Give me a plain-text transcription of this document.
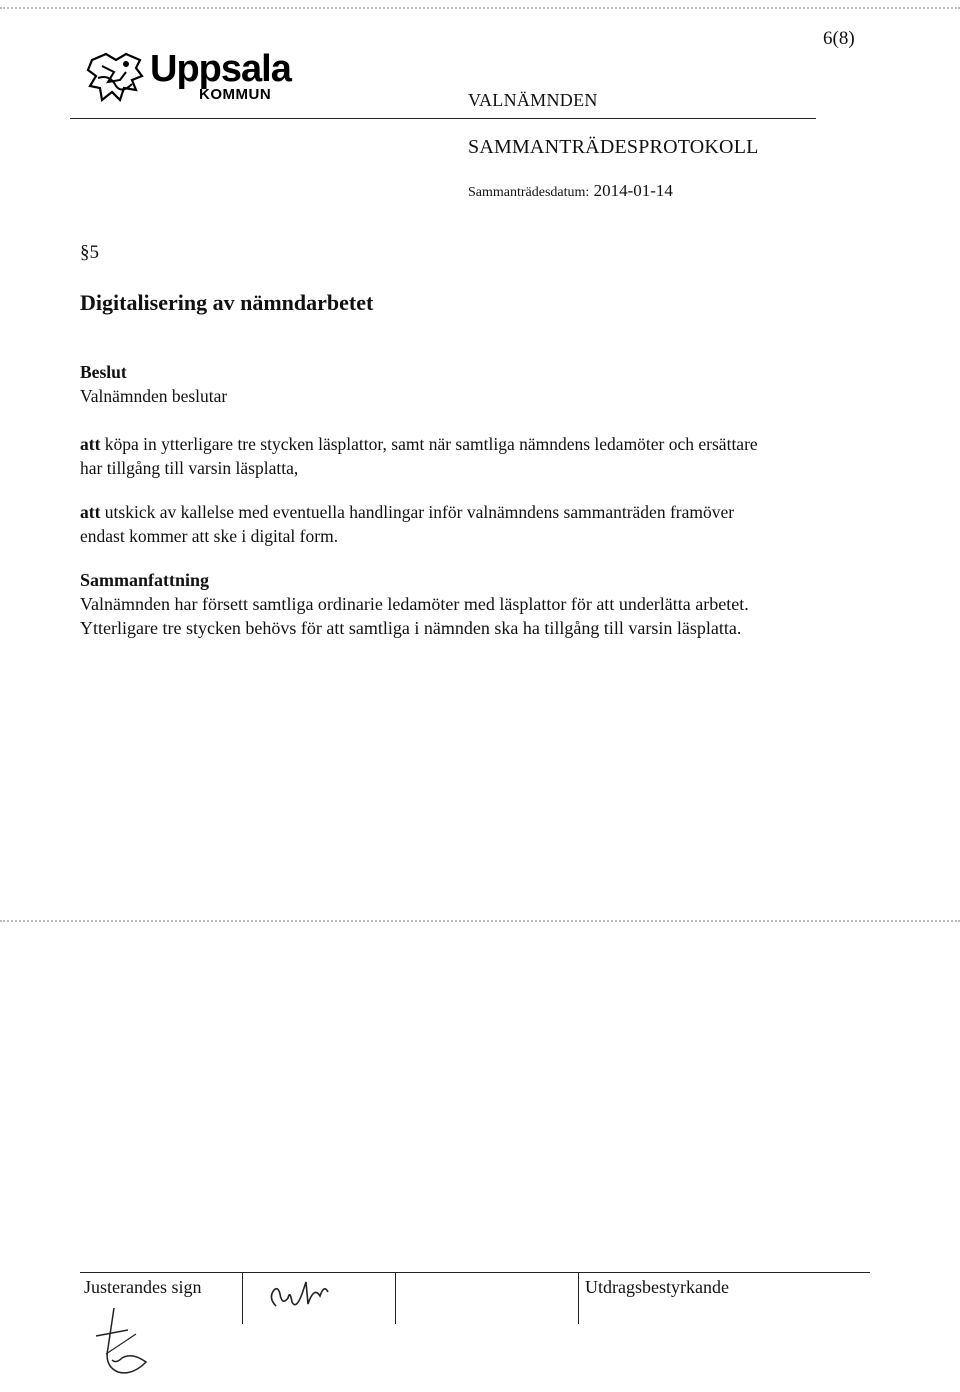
6(8)
Uppsala
KOMMUN	VALNÄMNDEN
SAMMANTRÄDESPROTOKOLL
Sammanträdesdatum: 2014-01-14
§5
Digitalisering av nämndarbetet
Beslut
Valnämnden beslutar
att köpa in ytterligare tre stycken läsplattor, samt när samtliga nämndens ledamöter och ersättare
har tillgång till varsin läsplatta,
att utskick av kallelse med eventuella handlingar inför valnämndens sammanträden framöver
endast kommer att ske i digital form.
Sammanfattning
Valnämnden har försett samtliga ordinarie ledamöter med läsplattor för att underlätta arbetet.
Ytterligare tre stycken behövs för att samtliga i nämnden ska ha tillgång till varsin läsplatta.
Justerandes sign	Utdragsbestyrkande
